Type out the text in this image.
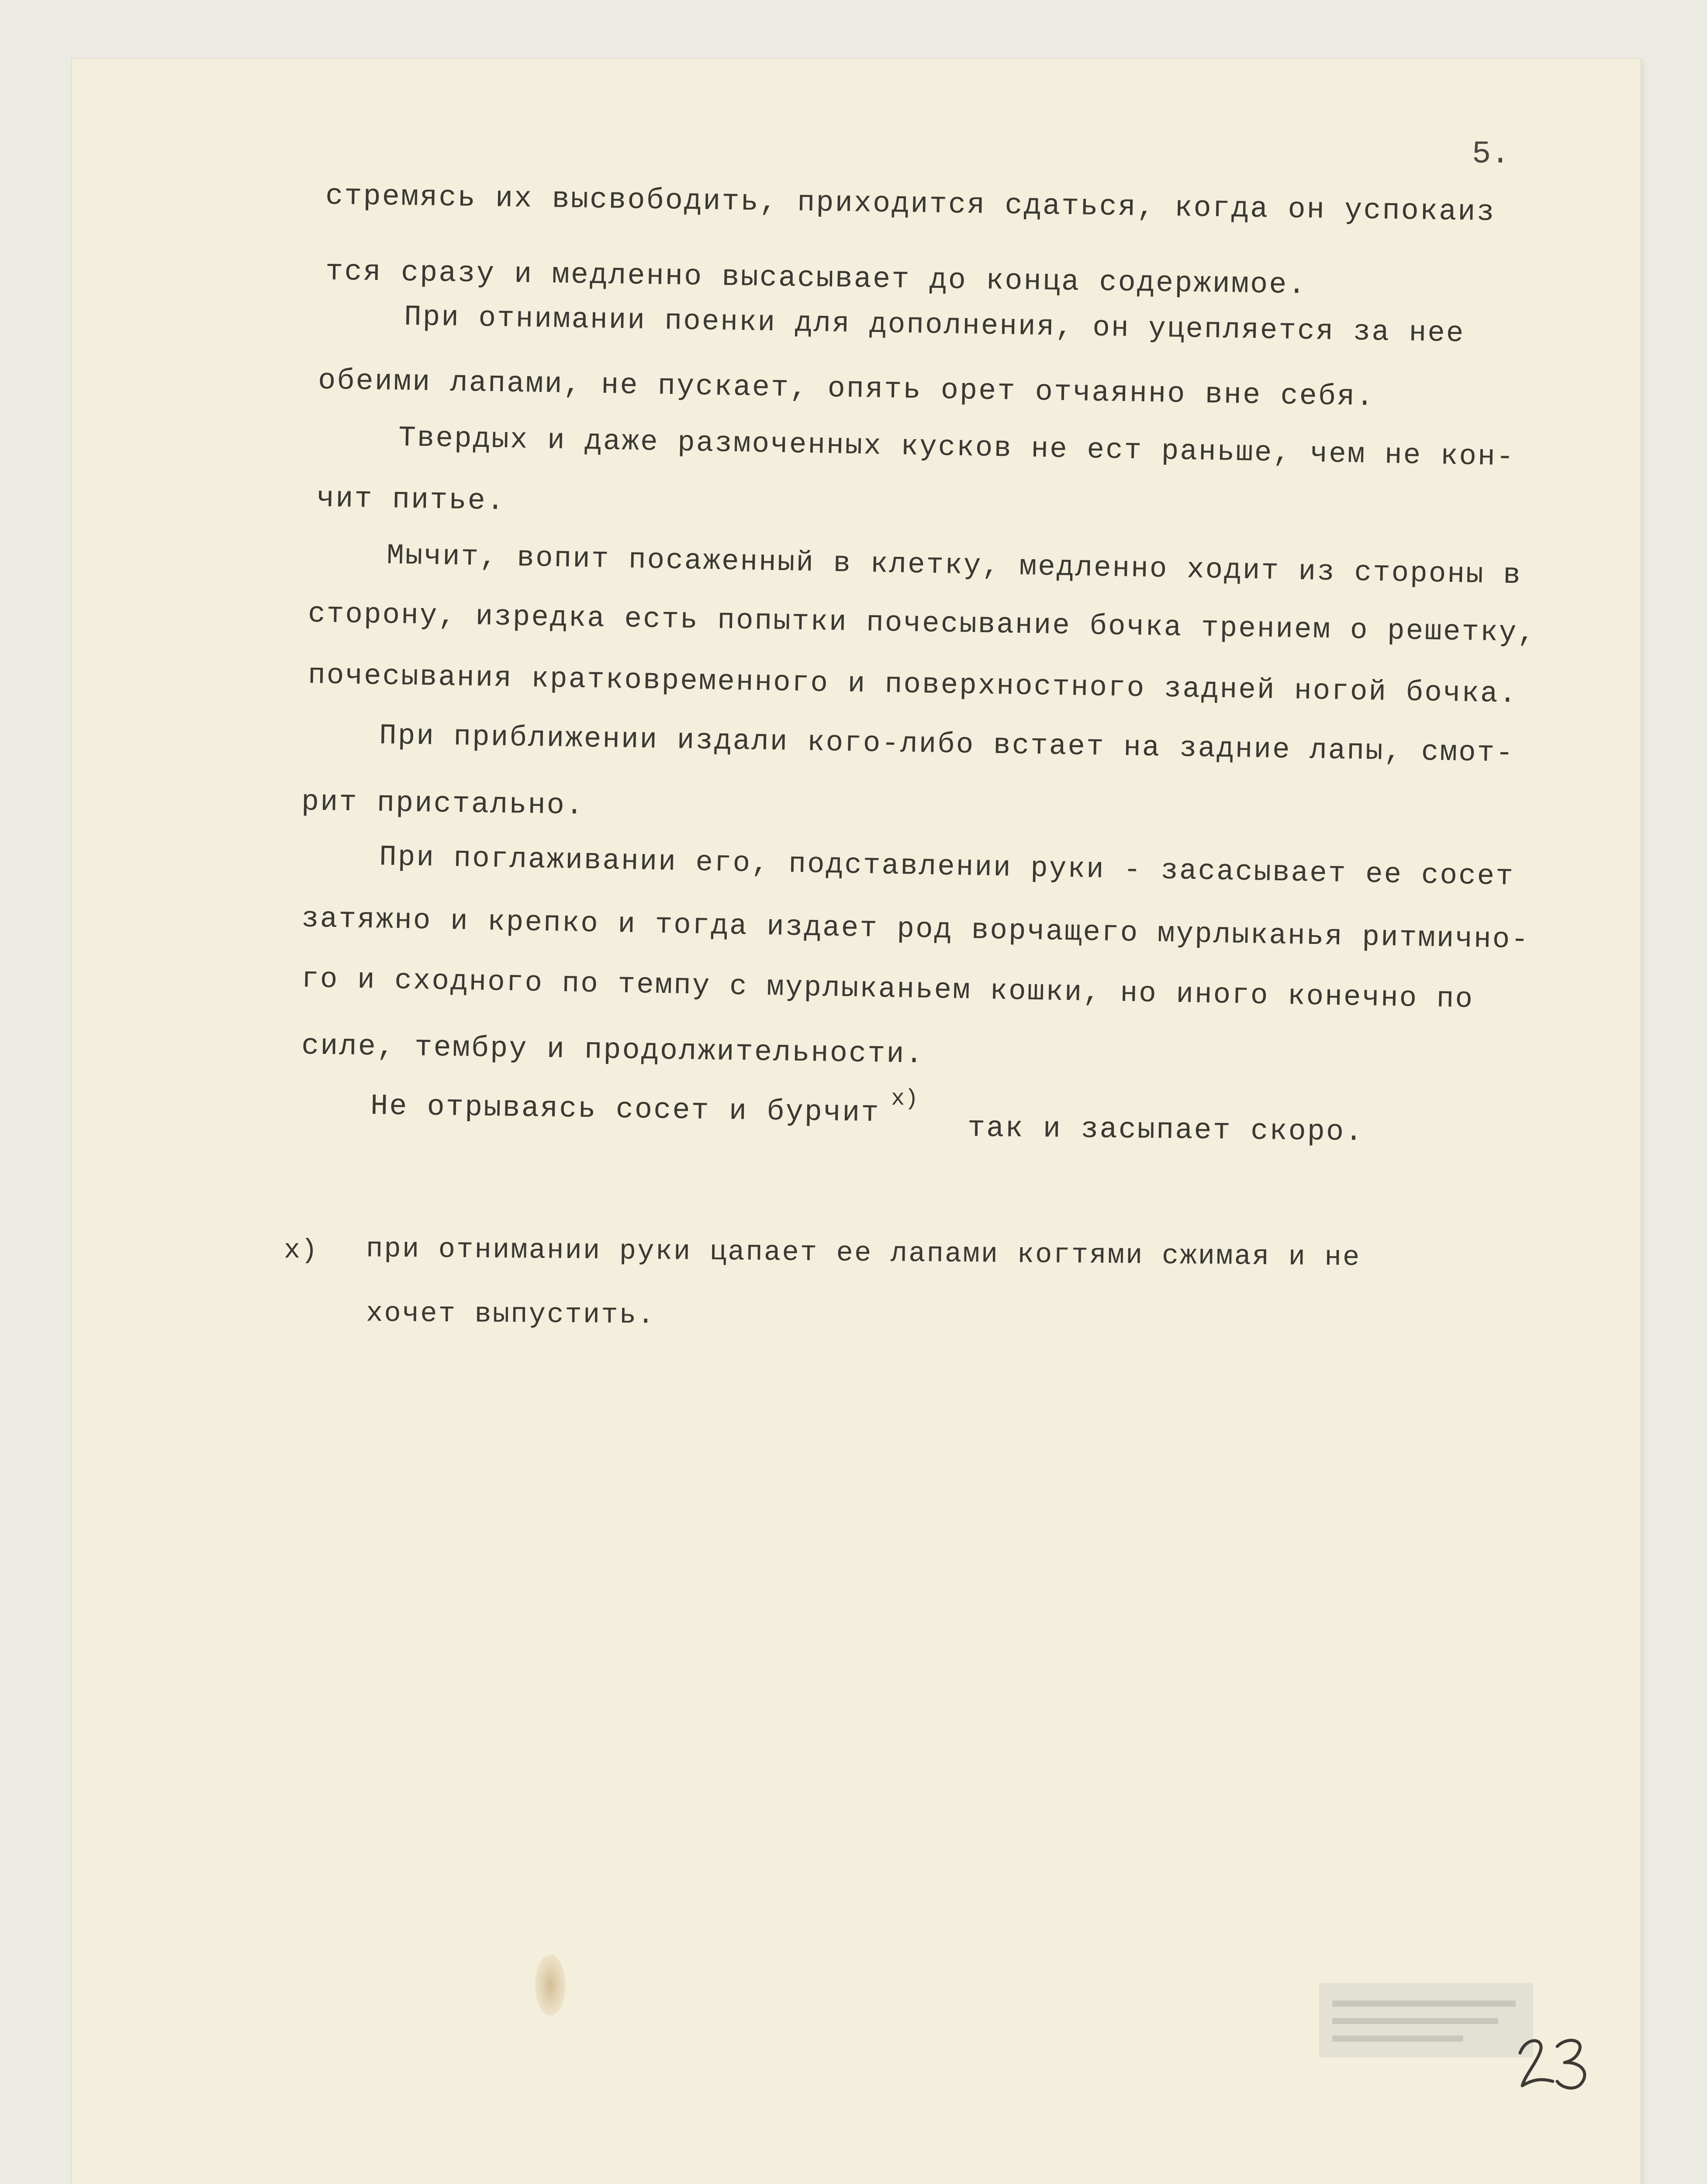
5.
стремясь их высвободить, приходится сдаться, когда он успокаиз
тся сразу и медленно высасывает до конца содержимое.
При отнимании поенки для дополнения, он уцепляется за нее
обеими лапами, не пускает, опять орет отчаянно вне себя.
Твердых и даже размоченных кусков не ест раньше, чем не кон-
чит питье.
Мычит, вопит посаженный в клетку, медленно ходит из стороны в
сторону, изредка есть попытки почесывание бочка трением о решетку,
почесывания кратковременного и поверхностного задней ногой бочка.
При приближении издали кого-либо встает на задние лапы, смот-
рит пристально.
При поглаживании его, подставлении руки - засасывает ее сосет
затяжно и крепко и тогда издает род ворчащего мурлыканья ритмично-
го и сходного по темпу с мурлыканьем кошки, но иного конечно по
силе, тембру и продолжительности.
Не отрываясь сосет и бурчит x)
так и засыпает скоро.
x) при отнимании руки цапает ее лапами когтями сжимая и не
хочет выпустить.
